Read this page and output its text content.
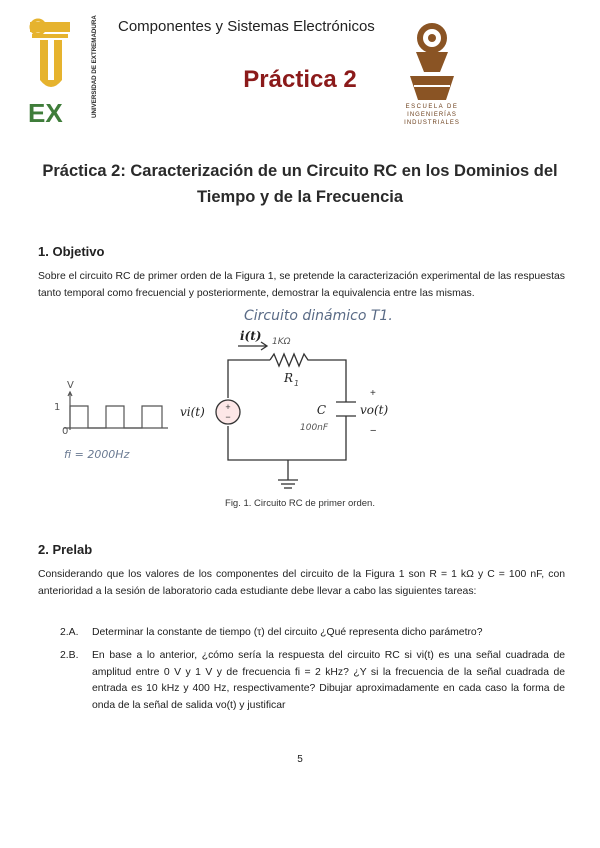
EX	UNIVERSIDAD DE EXTREMADURA Componentes y Sistemas Electrónicos
Práctica 2
ESCUELA DE
INGENIERÍAS
INDUSTRIALES
Práctica 2: Caracterización de un Circuito RC en los Dominios del Tiempo y de la Frecuencia
1. Objetivo
Sobre el circuito RC de primer orden de la Figura 1, se pretende la caracterización experimental de las respuestas tanto temporal como frecuencial y posteriormente, demostrar la equivalencia entre las mismas.
Circuito dinámico T1.
V
1
0
fi = 2000Hz
+
−
i(t) 1KΩ
R 1
vi(t)	C
100nF
+
vo(t)
−
Fig. 1. Circuito RC de primer orden.
2. Prelab
Considerando que los valores de los componentes del circuito de la Figura 1 son R = 1 kΩ y C = 100 nF, con anterioridad a la sesión de laboratorio cada estudiante debe llevar a cabo las siguientes tareas:
2.A. Determinar la constante de tiempo (τ) del circuito ¿Qué representa dicho parámetro?
2.B. En base a lo anterior, ¿cómo sería la respuesta del circuito RC si vi(t) es una señal cuadrada de amplitud entre 0 V y 1 V y de frecuencia fi = 2 kHz? ¿Y si la frecuencia de la señal cuadrada de entrada es 10 kHz y 400 Hz, respectivamente? Dibujar aproximadamente en cada caso la forma de onda de la señal de salida vo(t) y justificar
5
